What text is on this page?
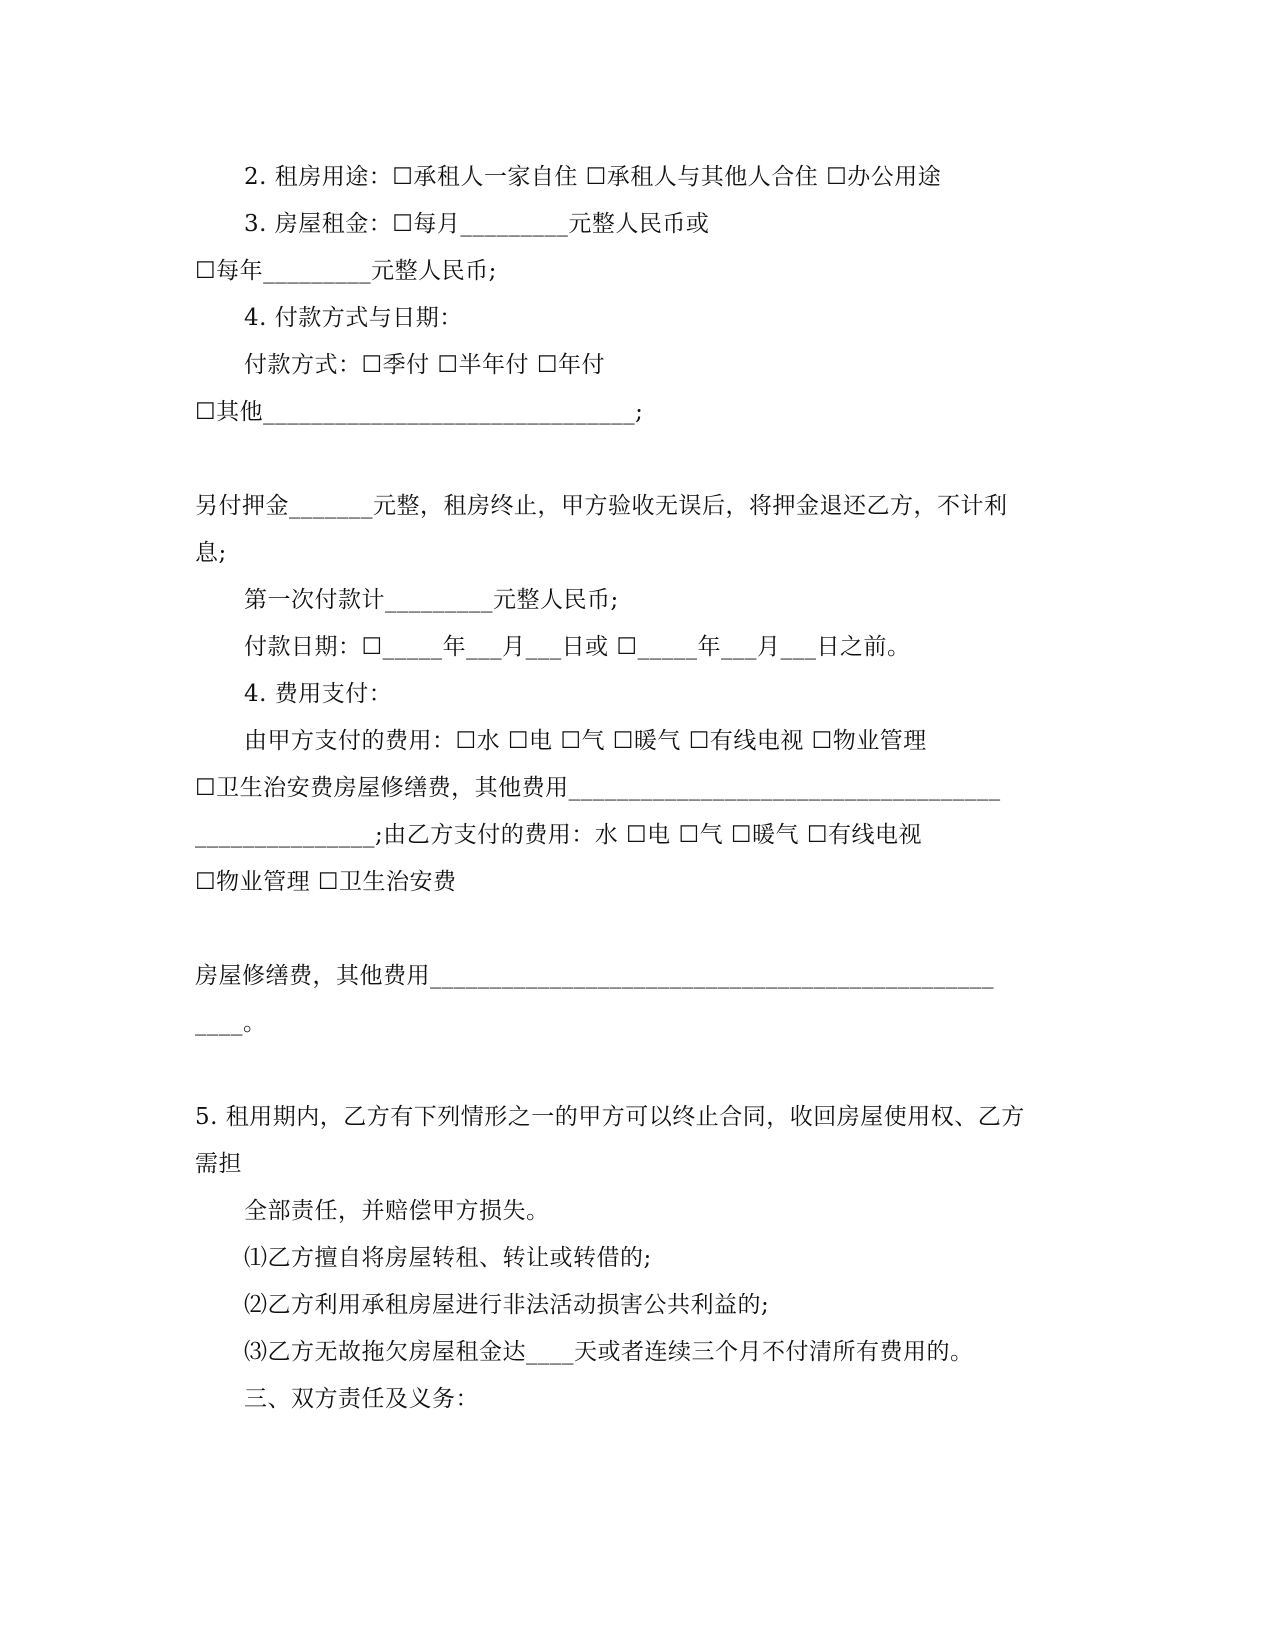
2. 租房用途：☐承租人一家自住 ☐承租人与其他人合住 ☐办公用途
3. 房屋租金：☐每月_________元整人民币或
☐每年_________元整人民币;
4. 付款方式与日期：
付款方式：☐季付 ☐半年付 ☐年付
☐其他_______________________________;
另付押金_______元整，租房终止，甲方验收无误后，将押金退还乙方，不计利
息;
第一次付款计_________元整人民币;
付款日期：☐_____年___月___日或 ☐_____年___月___日之前。
4. 费用支付：
由甲方支付的费用：☐水 ☐电 ☐气 ☐暖气 ☐有线电视 ☐物业管理
☐卫生治安费房屋修缮费，其他费用____________________________________
_______________;由乙方支付的费用：水 ☐电 ☐气 ☐暖气 ☐有线电视
☐物业管理 ☐卫生治安费
房屋修缮费，其他费用_______________________________________________
____。
5. 租用期内，乙方有下列情形之一的甲方可以终止合同，收回房屋使用权、乙方
需担
全部责任，并赔偿甲方损失。
⑴乙方擅自将房屋转租、转让或转借的;
⑵乙方利用承租房屋进行非法活动损害公共利益的;
⑶乙方无故拖欠房屋租金达____天或者连续三个月不付清所有费用的。
三、双方责任及义务：
